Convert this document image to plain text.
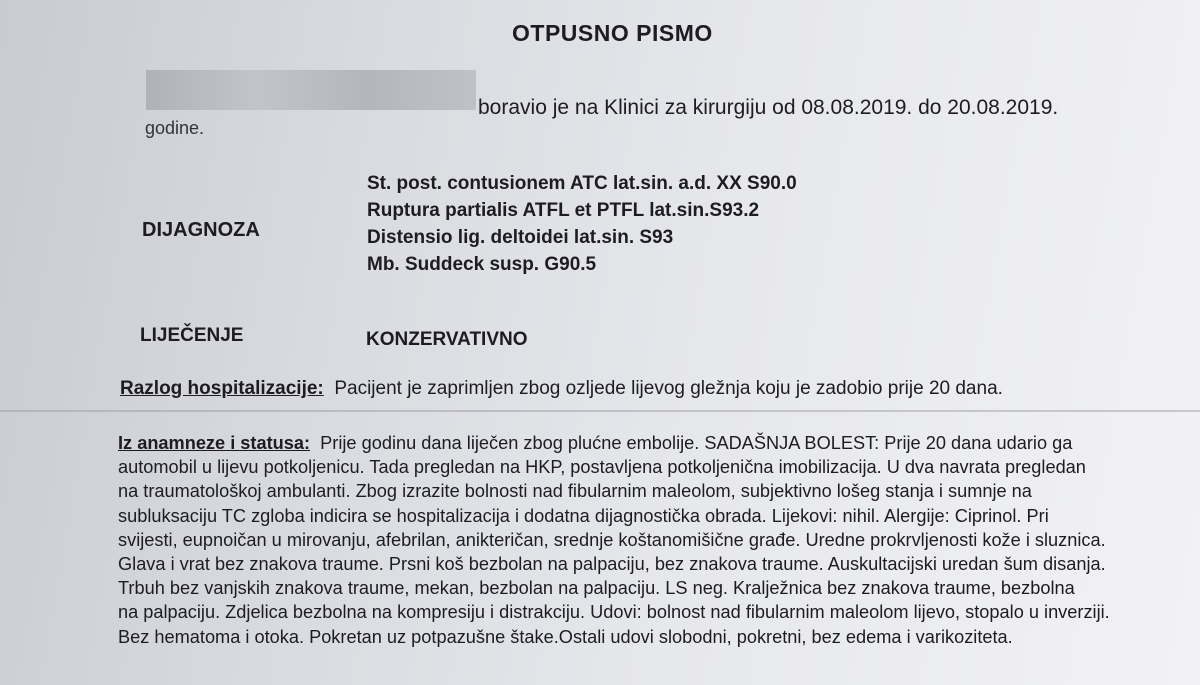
OTPUSNO PISMO
boravio je na Klinici za kirurgiju od 08.08.2019. do 20.08.2019.
godine.
DIJAGNOZA
St. post. contusionem ATC lat.sin. a.d. XX S90.0
Ruptura partialis ATFL et PTFL lat.sin.S93.2
Distensio lig. deltoidei lat.sin. S93
Mb. Suddeck susp. G90.5
LIJEČENJE	KONZERVATIVNO
Razlog hospitalizacije: Pacijent je zaprimljen zbog ozljede lijevog gležnja koju je zadobio prije 20 dana.
Iz anamneze i statusa: Prije godinu dana liječen zbog plućne embolije. SADAŠNJA BOLEST: Prije 20 dana udario ga
automobil u lijevu potkoljenicu. Tada pregledan na HKP, postavljena potkoljenična imobilizacija. U dva navrata pregledan
na traumatološkoj ambulanti. Zbog izrazite bolnosti nad fibularnim maleolom, subjektivno lošeg stanja i sumnje na
subluksaciju TC zgloba indicira se hospitalizacija i dodatna dijagnostička obrada. Lijekovi: nihil. Alergije: Ciprinol. Pri
svijesti, eupnoičan u mirovanju, afebrilan, anikteričan, srednje koštanomišične građe. Uredne prokrvljenosti kože i sluznica.
Glava i vrat bez znakova traume. Prsni koš bezbolan na palpaciju, bez znakova traume. Auskultacijski uredan šum disanja.
Trbuh bez vanjskih znakova traume, mekan, bezbolan na palpaciju. LS neg. Kralježnica bez znakova traume, bezbolna
na palpaciju. Zdjelica bezbolna na kompresiju i distrakciju. Udovi: bolnost nad fibularnim maleolom lijevo, stopalo u inverziji.
Bez hematoma i otoka. Pokretan uz potpazušne štake.Ostali udovi slobodni, pokretni, bez edema i varikoziteta.
